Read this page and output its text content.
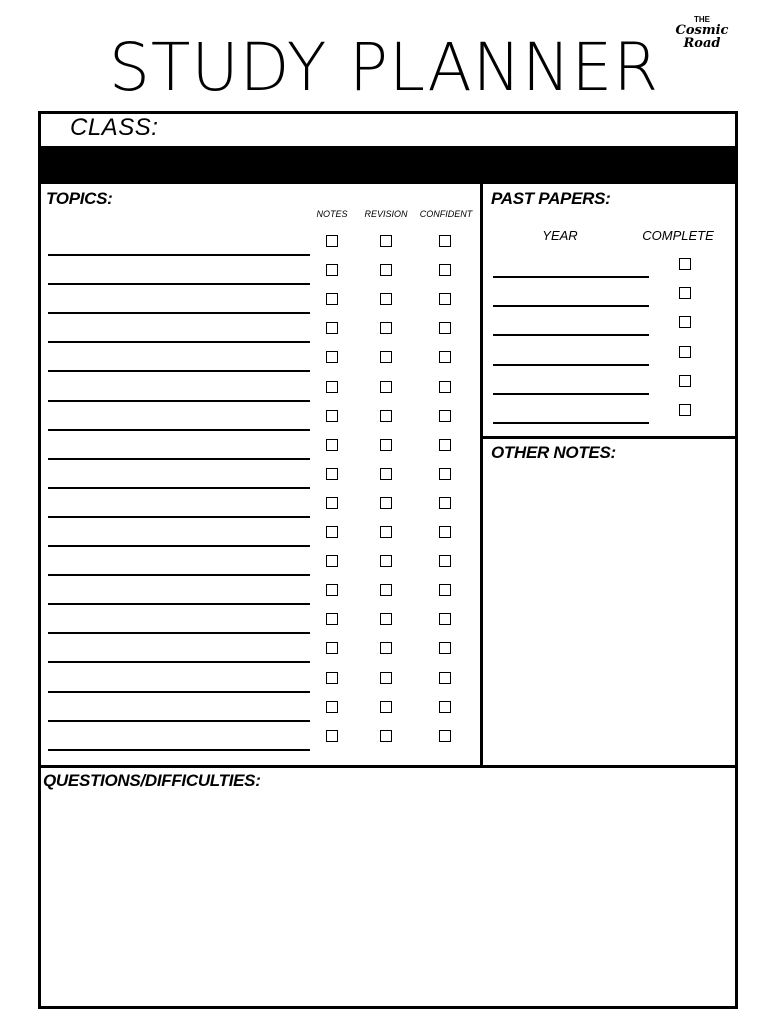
STUDY PLANNER
THE
Cosmic Road
CLASS:
TOPICS:
NOTES	REVISION	CONFIDENT
PAST PAPERS:
YEAR	COMPLETE
OTHER NOTES:
QUESTIONS/DIFFICULTIES:
